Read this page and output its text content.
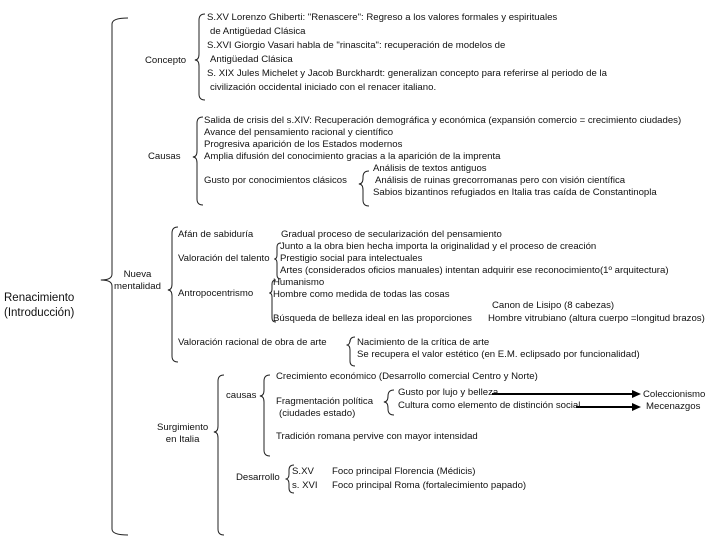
Renacimiento
(Introducción)
Concepto
S.XV Lorenzo Ghiberti: "Renascere": Regreso a los valores formales y espirituales
de Antigüedad Clásica
S.XVI Giorgio Vasari habla de "rinascita": recuperación de modelos de
Antigüedad Clásica
S. XIX Jules Michelet y Jacob Burckhardt: generalizan concepto para referirse al periodo de la
civilización occidental iniciado con el renacer italiano.
Causas
Salida de crisis del s.XIV: Recuperación demográfica y económica (expansión comercio = crecimiento ciudades)
Avance del pensamiento racional y científico
Progresiva aparición de los Estados modernos
Amplia difusión del conocimiento gracias a la aparición de la imprenta
Gusto por conocimientos clásicos
Análisis de textos antiguos
Análisis de ruinas grecorromanas pero con visión científica
Sabios bizantinos refugiados en Italia tras caída de Constantinopla
Nueva
mentalidad
Afán de sabiduría	Gradual proceso de secularización del pensamiento
Valoración del talento
Junto a la obra bien hecha importa la originalidad y el proceso de creación
Prestigio social para intelectuales
Artes (considerados oficios manuales) intentan adquirir ese reconocimiento(1º arquitectura)
Antropocentrismo
Humanismo
Hombre como medida de todas las cosas
Búsqueda de belleza ideal en las proporciones
Canon de Lisipo (8 cabezas)
Hombre vitrubiano (altura cuerpo =longitud brazos)
Valoración racional de obra de arte	Nacimiento de la crítica de arte
Se recupera el valor estético (en E.M. eclipsado por funcionalidad)
Surgimiento
en Italia
causas
Crecimiento económico (Desarrollo comercial Centro y Norte)
Fragmentación política
(ciudades estado)
Gusto por lujo y belleza
Cultura como elemento de distinción social
Coleccionismo
Mecenazgos
Tradición romana pervive con mayor intensidad
Desarrollo
S.XV Foco principal Florencia (Médicis)
s. XVI Foco principal Roma (fortalecimiento papado)
